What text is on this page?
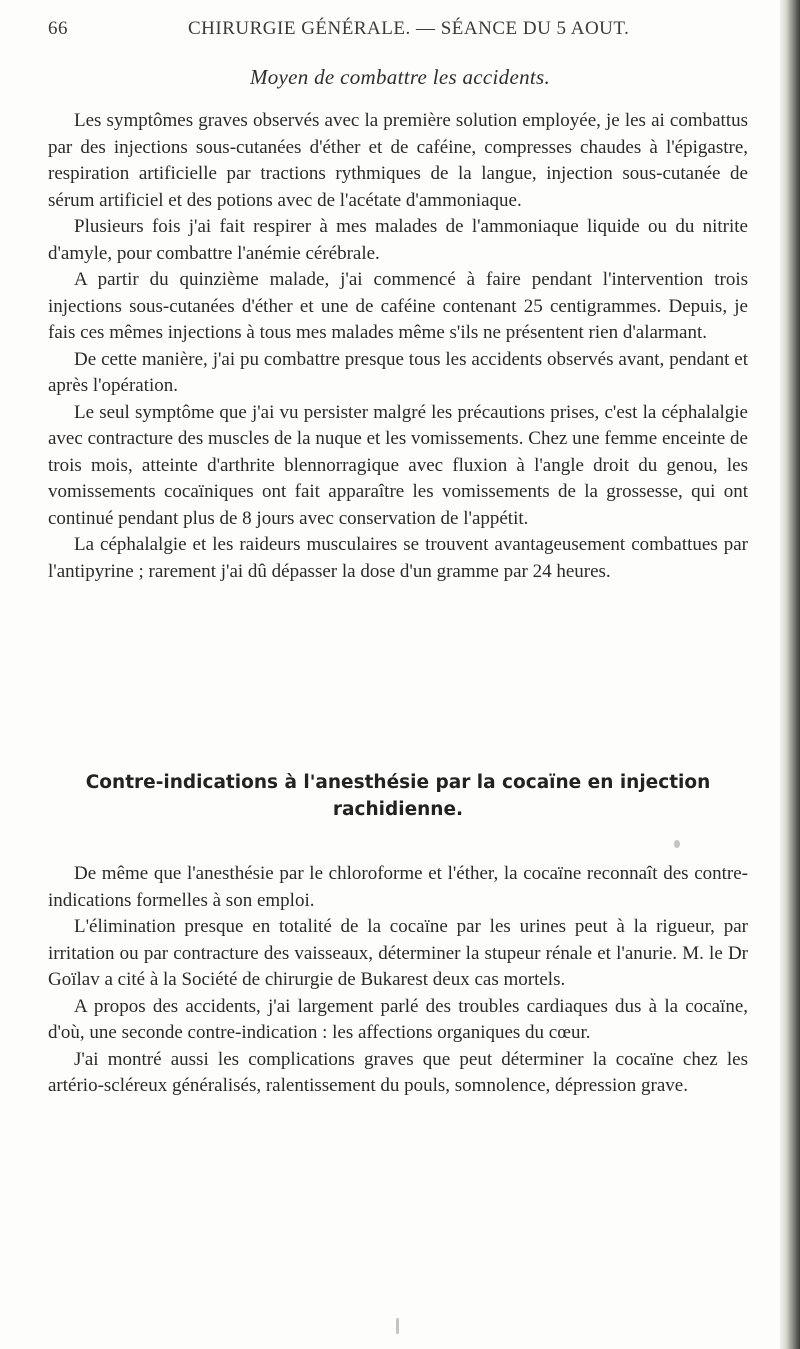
66	CHIRURGIE GÉNÉRALE. — SÉANCE DU 5 AOUT.
Moyen de combattre les accidents.

Les symptômes graves observés avec la première solution employée, je les ai combattus par des injections sous-cutanées d'éther et de caféine, compresses chaudes à l'épigastre, respiration artificielle par tractions rythmiques de la langue, injection sous-cutanée de sérum artificiel et des potions avec de l'acétate d'ammoniaque.

Plusieurs fois j'ai fait respirer à mes malades de l'ammoniaque liquide ou du nitrite d'amyle, pour combattre l'anémie cérébrale.

A partir du quinzième malade, j'ai commencé à faire pendant l'intervention trois injections sous-cutanées d'éther et une de caféine contenant 25 centigrammes. Depuis, je fais ces mêmes injections à tous mes malades même s'ils ne présentent rien d'alarmant.

De cette manière, j'ai pu combattre presque tous les accidents observés avant, pendant et après l'opération.

Le seul symptôme que j'ai vu persister malgré les précautions prises, c'est la céphalalgie avec contracture des muscles de la nuque et les vomissements. Chez une femme enceinte de trois mois, atteinte d'arthrite blennorragique avec fluxion à l'angle droit du genou, les vomissements cocaïniques ont fait apparaître les vomissements de la grossesse, qui ont continué pendant plus de 8 jours avec conservation de l'appétit.

La céphalalgie et les raideurs musculaires se trouvent avantageusement combattues par l'antipyrine ; rarement j'ai dû dépasser la dose d'un gramme par 24 heures.

Contre-indications à l'anesthésie par la cocaïne en injection rachidienne.

De même que l'anesthésie par le chloroforme et l'éther, la cocaïne reconnaît des contre-indications formelles à son emploi.

L'élimination presque en totalité de la cocaïne par les urines peut à la rigueur, par irritation ou par contracture des vaisseaux, déterminer la stupeur rénale et l'anurie. M. le Dr Goïlav a cité à la Société de chirurgie de Bukarest deux cas mortels.

A propos des accidents, j'ai largement parlé des troubles cardiaques dus à la cocaïne, d'où, une seconde contre-indication : les affections organiques du cœur.

J'ai montré aussi les complications graves que peut déterminer la cocaïne chez les artério-scléreux généralisés, ralentissement du pouls, somnolence, dépression grave.
